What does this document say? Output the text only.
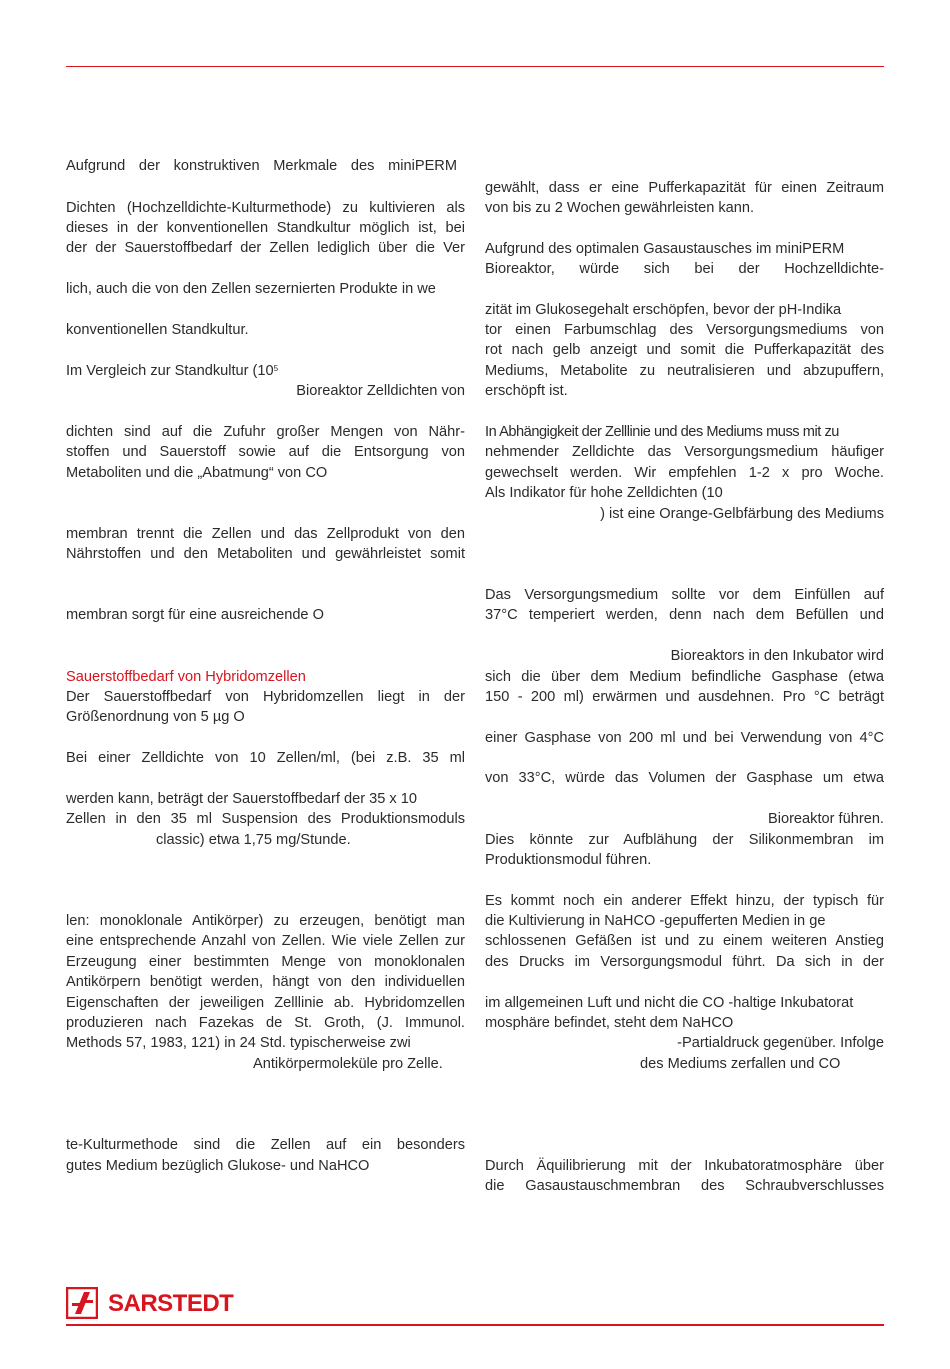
Aufgrund der konstruktiven Merkmale des miniPERM
Dichten (Hochzelldichte-Kulturmethode) zu kultivieren als
dieses in der konventionellen Standkultur möglich ist, bei
der der Sauerstoffbedarf der Zellen lediglich über die Ver
lich, auch die von den Zellen sezernierten Produkte in we
konventionellen Standkultur.
Im Vergleich zur Standkultur ($10^5$
Bioreaktor Zelldichten von
dichten sind auf die Zufuhr großer Mengen von Nähr-
stoffen und Sauerstoff sowie auf die Entsorgung von
Metaboliten und die „Abatmung“ von CO
membran trennt die Zellen und das Zellprodukt von den
Nährstoffen und den Metaboliten und gewährleistet somit
membran sorgt für eine ausreichende O
Sauerstoffbedarf von Hybridomzellen
Der Sauerstoffbedarf von Hybridomzellen liegt in der
Größenordnung von 5 µg O
Bei einer Zelldichte von 10 Zellen/ml, (bei z.B. 35 ml
werden kann, beträgt der Sauerstoffbedarf der 35 x 10
Zellen in den 35 ml Suspension des Produktionsmoduls
classic) etwa 1,75 mg/Stunde.
len: monoklonale Antikörper) zu erzeugen, benötigt man
eine entsprechende Anzahl von Zellen. Wie viele Zellen zur
Erzeugung einer bestimmten Menge von monoklonalen
Antikörpern benötigt werden, hängt von den individuellen
Eigenschaften der jeweiligen Zelllinie ab. Hybridomzellen
produzieren nach Fazekas de St. Groth, (J. Immunol.
Methods 57, 1983, 121) in 24 Std. typischerweise zwi
Antikörpermoleküle pro Zelle.
te-Kulturmethode sind die Zellen auf ein besonders
gutes Medium bezüglich Glukose- und NaHCO
gewählt, dass er eine Pufferkapazität für einen Zeitraum
von bis zu 2 Wochen gewährleisten kann.
Aufgrund des optimalen Gasaustausches im miniPERM
Bioreaktor, würde sich bei der Hochzelldichte-
zität im Glukosegehalt erschöpfen, bevor der pH-Indika
tor einen Farbumschlag des Versorgungsmediums von
rot nach gelb anzeigt und somit die Pufferkapazität des
Mediums, Metabolite zu neutralisieren und abzupuffern,
erschöpft ist.
In Abhängigkeit der Zelllinie und des Mediums muss mit zu
nehmender Zelldichte das Versorgungsmedium häufiger
gewechselt werden. Wir empfehlen 1-2 x pro Woche.
Als Indikator für hohe Zelldichten (10
) ist eine Orange-Gelbfärbung des Mediums
Das Versorgungsmedium sollte vor dem Einfüllen auf
37°C temperiert werden, denn nach dem Befüllen und
Bioreaktors in den Inkubator wird
sich die über dem Medium befindliche Gasphase (etwa
150 - 200 ml) erwärmen und ausdehnen. Pro °C beträgt
einer Gasphase von 200 ml und bei Verwendung von 4°C
von 33°C, würde das Volumen der Gasphase um etwa
Bioreaktor führen.
Dies könnte zur Aufblähung der Silikonmembran im
Produktionsmodul führen.
Es kommt noch ein anderer Effekt hinzu, der typisch für
die Kultivierung in NaHCO -gepufferten Medien in ge
schlossenen Gefäßen ist und zu einem weiteren Anstieg
des Drucks im Versorgungsmodul führt. Da sich in der
im allgemeinen Luft und nicht die CO -haltige Inkubatorat
mosphäre befindet, steht dem NaHCO
-Partialdruck gegenüber. Infolge
des Mediums zerfallen und CO
Durch Äquilibrierung mit der Inkubatoratmosphäre über
die Gasaustauschmembran des Schraubverschlusses
SARSTEDT
